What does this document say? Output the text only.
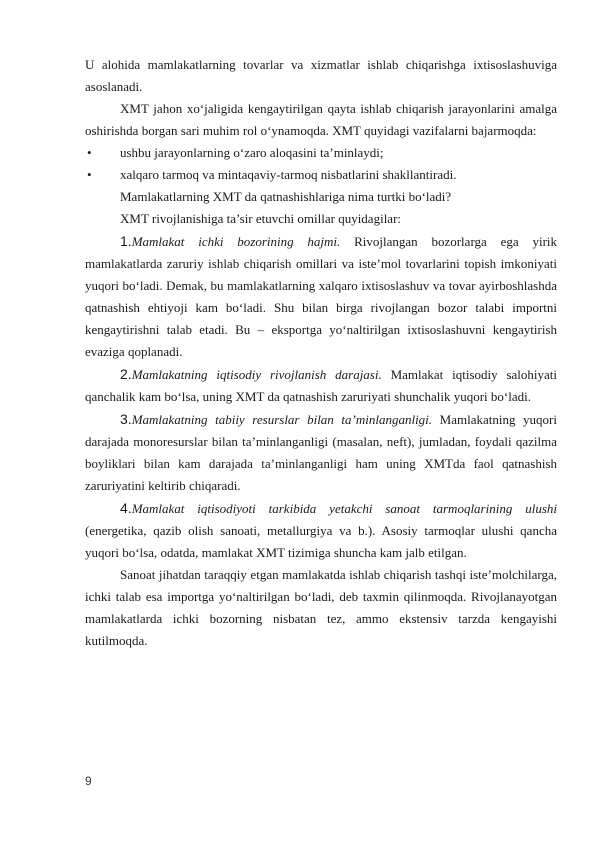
U alohida mamlakatlarning tovarlar va xizmatlar ishlab chiqarishga ixtisoslashuviga asoslanadi.

XMT jahon xo‘jaligida kengaytirilgan qayta ishlab chiqarish jarayonlarini amalga oshirishda borgan sari muhim rol o‘ynamoqda. XMT quyidagi vazifalarni bajarmoqda:

• ushbu jarayonlarning o‘zaro aloqasini ta’minlaydi;
• xalqaro tarmoq va mintaqaviy-tarmoq nisbatlarini shakllantiradi.

Mamlakatlarning XMT da qatnashishlariga nima turtki bo‘ladi?

XMT rivojlanishiga ta’sir etuvchi omillar quyidagilar:

1.Mamlakat ichki bozorining hajmi. Rivojlangan bozorlarga ega yirik mamlakatlarda zaruriy ishlab chiqarish omillari va iste’mol tovarlarini topish imkoniyati yuqori bo‘ladi. Demak, bu mamlakatlarning xalqaro ixtisoslashuv va tovar ayirboshlashda qatnashish ehtiyoji kam bo‘ladi. Shu bilan birga rivojlangan bozor talabi importni kengaytirishni talab etadi. Bu – eksportga yo‘naltirilgan ixtisoslashuvni kengaytirish evaziga qoplanadi.

2.Mamlakatning iqtisodiy rivojlanish darajasi. Mamlakat iqtisodiy salohiyati qanchalik kam bo‘lsa, uning XMT da qatnashish zaruriyati shunchalik yuqori bo‘ladi.

3.Mamlakatning tabiiy resurslar bilan ta’minlanganligi. Mamlakatning yuqori darajada monoresurslar bilan ta’minlanganligi (masalan, neft), jumladan, foydali qazilma boyliklari bilan kam darajada ta’minlanganligi ham uning XMTda faol qatnashish zaruriyatini keltirib chiqaradi.

4.Mamlakat iqtisodiyoti tarkibida yetakchi sanoat tarmoqlarining ulushi (energetika, qazib olish sanoati, metallurgiya va b.). Asosiy tarmoqlar ulushi qancha yuqori bo‘lsa, odatda, mamlakat XMT tizimiga shuncha kam jalb etilgan.

Sanoat jihatdan taraqqiy etgan mamlakatda ishlab chiqarish tashqi iste’molchilarga, ichki talab esa importga yo‘naltirilgan bo‘ladi, deb taxmin qilinmoqda. Rivojlanayotgan mamlakatlarda ichki bozorning nisbatan tez, ammo ekstensiv tarzda kengayishi kutilmoqda.

9
